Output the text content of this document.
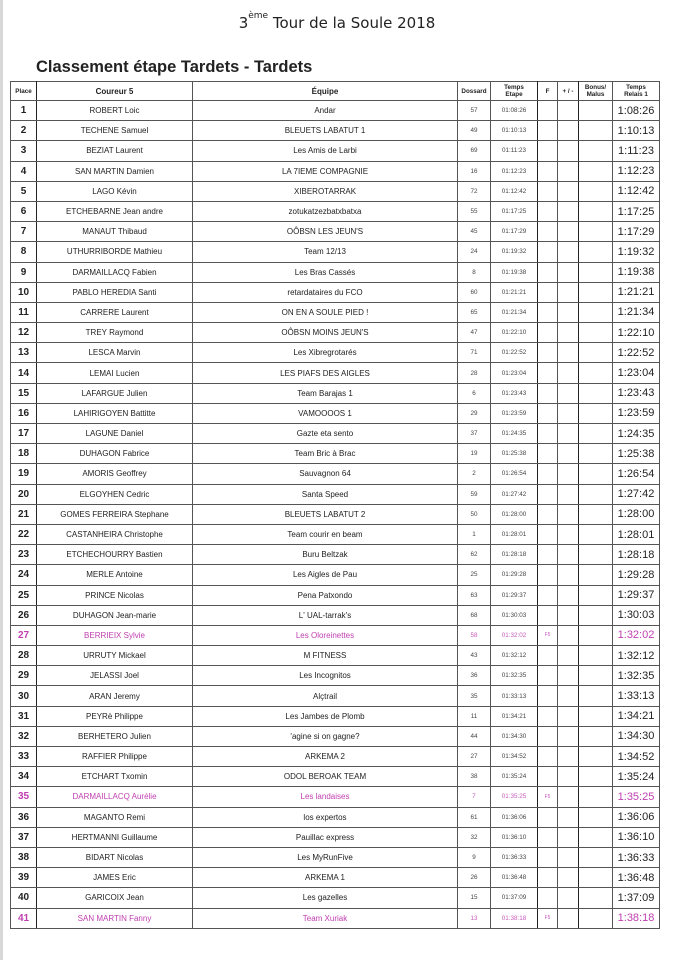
3ème Tour de la Soule 2018
Classement étape Tardets - Tardets
Place	Coureur 5	Équipe	Dossard	Temps
Etape	F	+ / -	Bonus/
Malus	Temps
Relais 1
1	ROBERT Loic	Andar	57	01:08:26				1:08:26
2	TECHENE Samuel	BLEUETS LABATUT 1	49	01:10:13				1:10:13
3	BEZIAT Laurent	Les Amis de Larbi	69	01:11:23				1:11:23
4	SAN MARTIN Damien	LA 7IEME COMPAGNIE	16	01:12:23				1:12:23
5	LAGO Kévin	XIBEROTARRAK	72	01:12:42				1:12:42
6	ETCHEBARNE Jean andre	zotukatzezbatxbatxa	55	01:17:25				1:17:25
7	MANAUT Thibaud	OÔBSN LES JEUN'S	45	01:17:29				1:17:29
8	UTHURRIBORDE Mathieu	Team 12/13	24	01:19:32				1:19:32
9	DARMAILLACQ Fabien	Les Bras Cassés	8	01:19:38				1:19:38
10	PABLO HEREDIA Santi	retardataires du FCO	60	01:21:21				1:21:21
11	CARRERE Laurent	ON EN A SOULE PIED !	65	01:21:34				1:21:34
12	TREY Raymond	OÔBSN MOINS JEUN'S	47	01:22:10				1:22:10
13	LESCA Marvin	Les Xibregrotarés	71	01:22:52				1:22:52
14	LEMAI Lucien	LES PIAFS DES AIGLES	28	01:23:04				1:23:04
15	LAFARGUE Julien	Team Barajas 1	6	01:23:43				1:23:43
16	LAHIRIGOYEN Battitte	VAMOOOOS 1	29	01:23:59				1:23:59
17	LAGUNE Daniel	Gazte eta sento	37	01:24:35				1:24:35
18	DUHAGON Fabrice	Team Bric à Brac	19	01:25:38				1:25:38
19	AMORIS Geoffrey	Sauvagnon 64	2	01:26:54				1:26:54
20	ELGOYHEN Cedric	Santa Speed	59	01:27:42				1:27:42
21	GOMES FERREIRA Stephane	BLEUETS LABATUT 2	50	01:28:00				1:28:00
22	CASTANHEIRA Christophe	Team courir en beam	1	01:28:01				1:28:01
23	ETCHECHOURRY Bastien	Buru Beltzak	62	01:28:18				1:28:18
24	MERLE Antoine	Les Aigles de Pau	25	01:29:28				1:29:28
25	PRINCE Nicolas	Pena Patxondo	63	01:29:37				1:29:37
26	DUHAGON Jean-marie	L' UAL-tarrak's	68	01:30:03				1:30:03
27	BERRIEIX Sylvie	Les Oloreinettes	58	01:32:02	F5			1:32:02
28	URRUTY Mickael	M FITNESS	43	01:32:12				1:32:12
29	JELASSI Joel	Les Incognitos	36	01:32:35				1:32:35
30	ARAN Jeremy	Alçtrail	35	01:33:13				1:33:13
31	PEYRè Philippe	Les Jambes de Plomb	11	01:34:21				1:34:21
32	BERHETERO Julien	'agine si on gagne?	44	01:34:30				1:34:30
33	RAFFIER Philippe	ARKEMA 2	27	01:34:52				1:34:52
34	ETCHART Txomin	ODOL BEROAK TEAM	38	01:35:24				1:35:24
35	DARMAILLACQ Aurélie	Les landaises	7	01:35:25	F5			1:35:25
36	MAGANTO Remi	los expertos	61	01:36:06				1:36:06
37	HERTMANNI Guillaume	Pauillac express	32	01:36:10				1:36:10
38	BIDART Nicolas	Les MyRunFive	9	01:36:33				1:36:33
39	JAMES Eric	ARKEMA 1	26	01:36:48				1:36:48
40	GARICOIX Jean	Les gazelles	15	01:37:09				1:37:09
41	SAN MARTIN Fanny	Team Xuriak	13	01:38:18	F5			1:38:18
